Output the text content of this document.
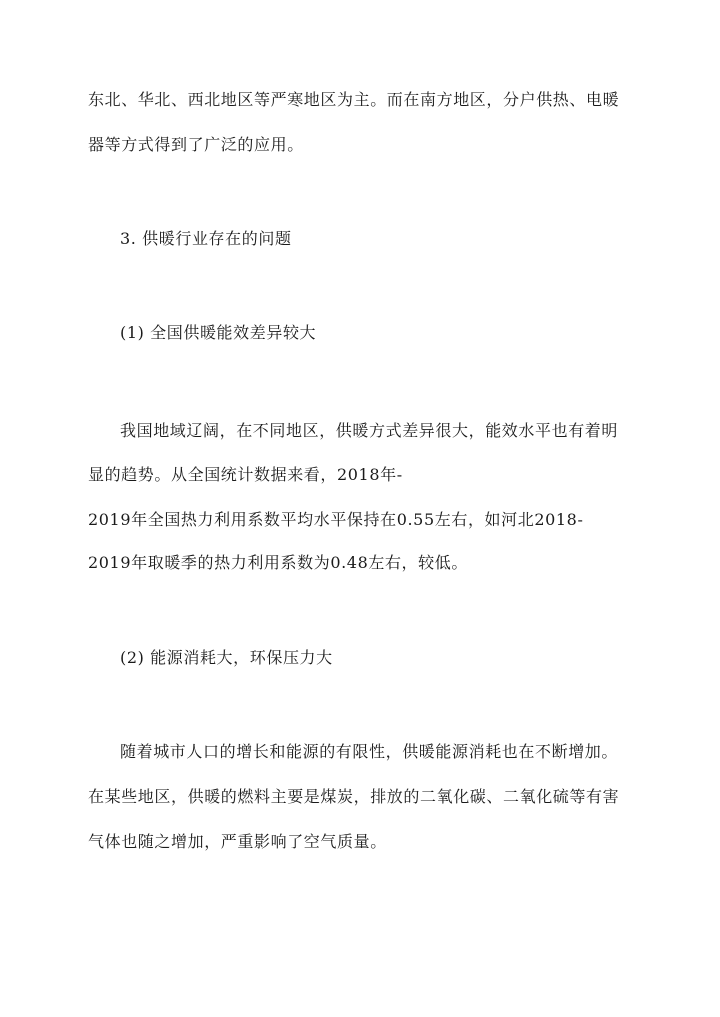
东北、华北、西北地区等严寒地区为主。而在南方地区，分户供热、电暖
器等方式得到了广泛的应用。
3. 供暖行业存在的问题
(1) 全国供暖能效差异较大
我国地域辽阔，在不同地区，供暖方式差异很大，能效水平也有着明
显的趋势。从全国统计数据来看，2018年-
2019年全国热力利用系数平均水平保持在0.55左右，如河北2018-
2019年取暖季的热力利用系数为0.48左右，较低。
(2) 能源消耗大，环保压力大
随着城市人口的增长和能源的有限性，供暖能源消耗也在不断增加。
在某些地区，供暖的燃料主要是煤炭，排放的二氧化碳、二氧化硫等有害
气体也随之增加，严重影响了空气质量。
